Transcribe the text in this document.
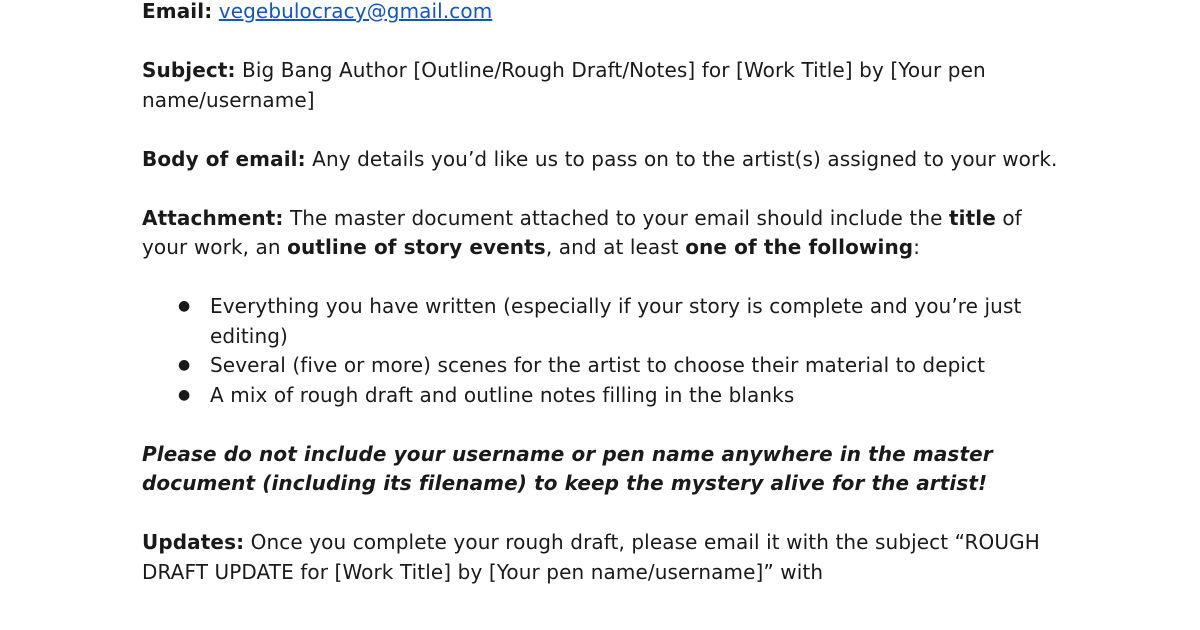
Email: vegebulocracy@gmail.com

Subject: Big Bang Author [Outline/Rough Draft/Notes] for [Work Title] by [Your pen name/username]

Body of email: Any details you’d like us to pass on to the artist(s) assigned to your work.

Attachment: The master document attached to your email should include the title of your work, an outline of story events, and at least one of the following:

● Everything you have written (especially if your story is complete and you’re just editing)
● Several (five or more) scenes for the artist to choose their material to depict
● A mix of rough draft and outline notes filling in the blanks

Please do not include your username or pen name anywhere in the master document (including its filename) to keep the mystery alive for the artist!

Updates: Once you complete your rough draft, please email it with the subject “ROUGH DRAFT UPDATE for [Work Title] by [Your pen name/username]” with
